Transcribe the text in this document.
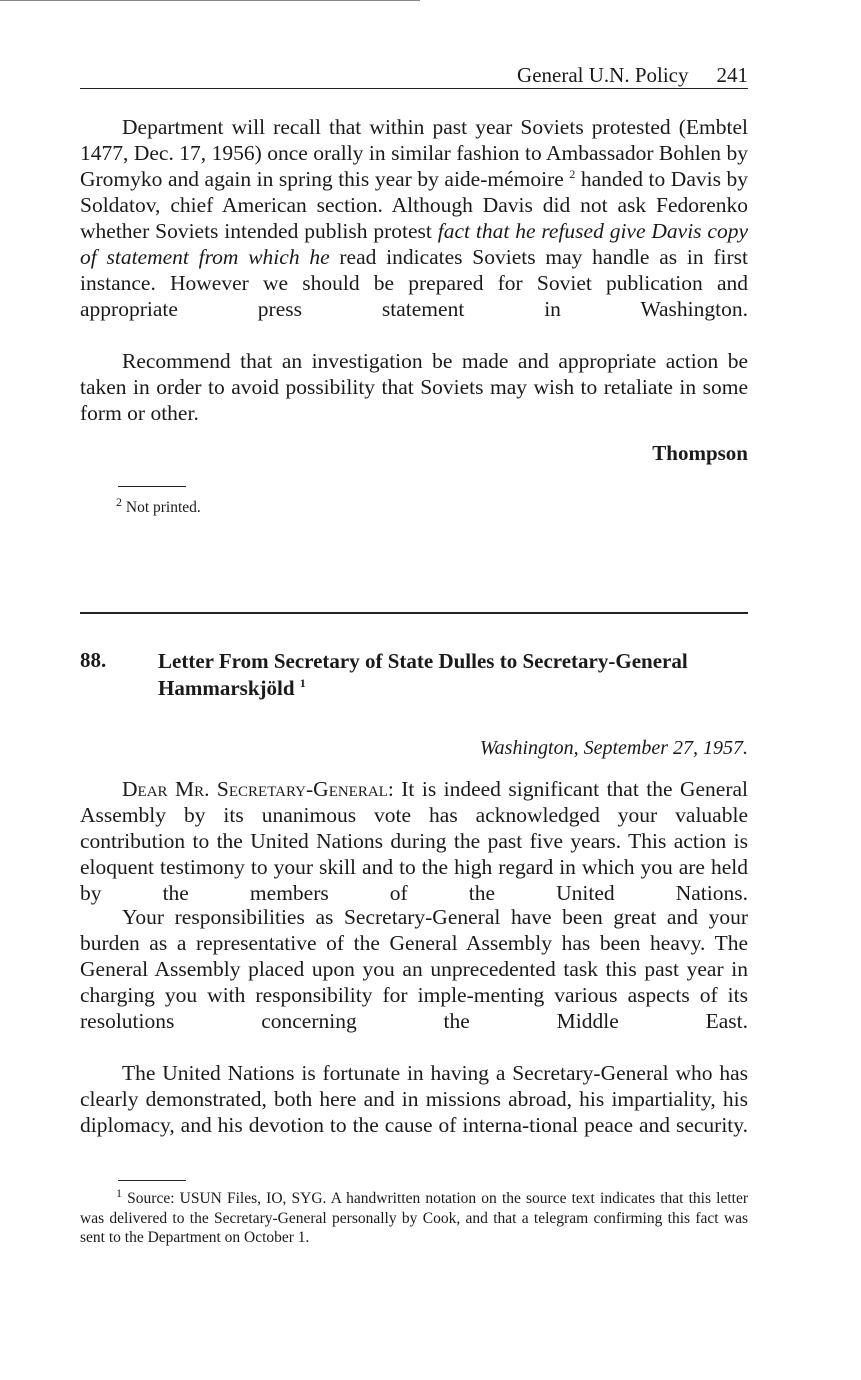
General U.N. Policy 241

Department will recall that within past year Soviets protested (Embtel 1477, Dec. 17, 1956) once orally in similar fashion to Ambassador Bohlen by Gromyko and again in spring this year by aide-mémoire $^2$ handed to Davis by Soldatov, chief American section. Although Davis did not ask Fedorenko whether Soviets intended publish protest fact that he refused give Davis copy of statement from which he read indicates Soviets may handle as in first instance. However we should be prepared for Soviet publication and appropriate press statement in Washington.

Recommend that an investigation be made and appropriate action be taken in order to avoid possibility that Soviets may wish to retaliate in some form or other.

Thompson

$^2$ Not printed.

88. Letter From Secretary of State Dulles to Secretary-General Hammarskjöld $^1$
Washington, September 27, 1957.

Dear Mr. Secretary-General: It is indeed significant that the General Assembly by its unanimous vote has acknowledged your valuable contribution to the United Nations during the past five years. This action is eloquent testimony to your skill and to the high regard in which you are held by the members of the United Nations.

Your responsibilities as Secretary-General have been great and your burden as a representative of the General Assembly has been heavy. The General Assembly placed upon you an unprecedented task this past year in charging you with responsibility for imple-menting various aspects of its resolutions concerning the Middle East.

The United Nations is fortunate in having a Secretary-General who has clearly demonstrated, both here and in missions abroad, his impartiality, his diplomacy, and his devotion to the cause of interna-tional peace and security.

$^1$ Source: USUN Files, IO, SYG. A handwritten notation on the source text indicates that this letter was delivered to the Secretary-General personally by Cook, and that a telegram confirming this fact was sent to the Department on October 1.
